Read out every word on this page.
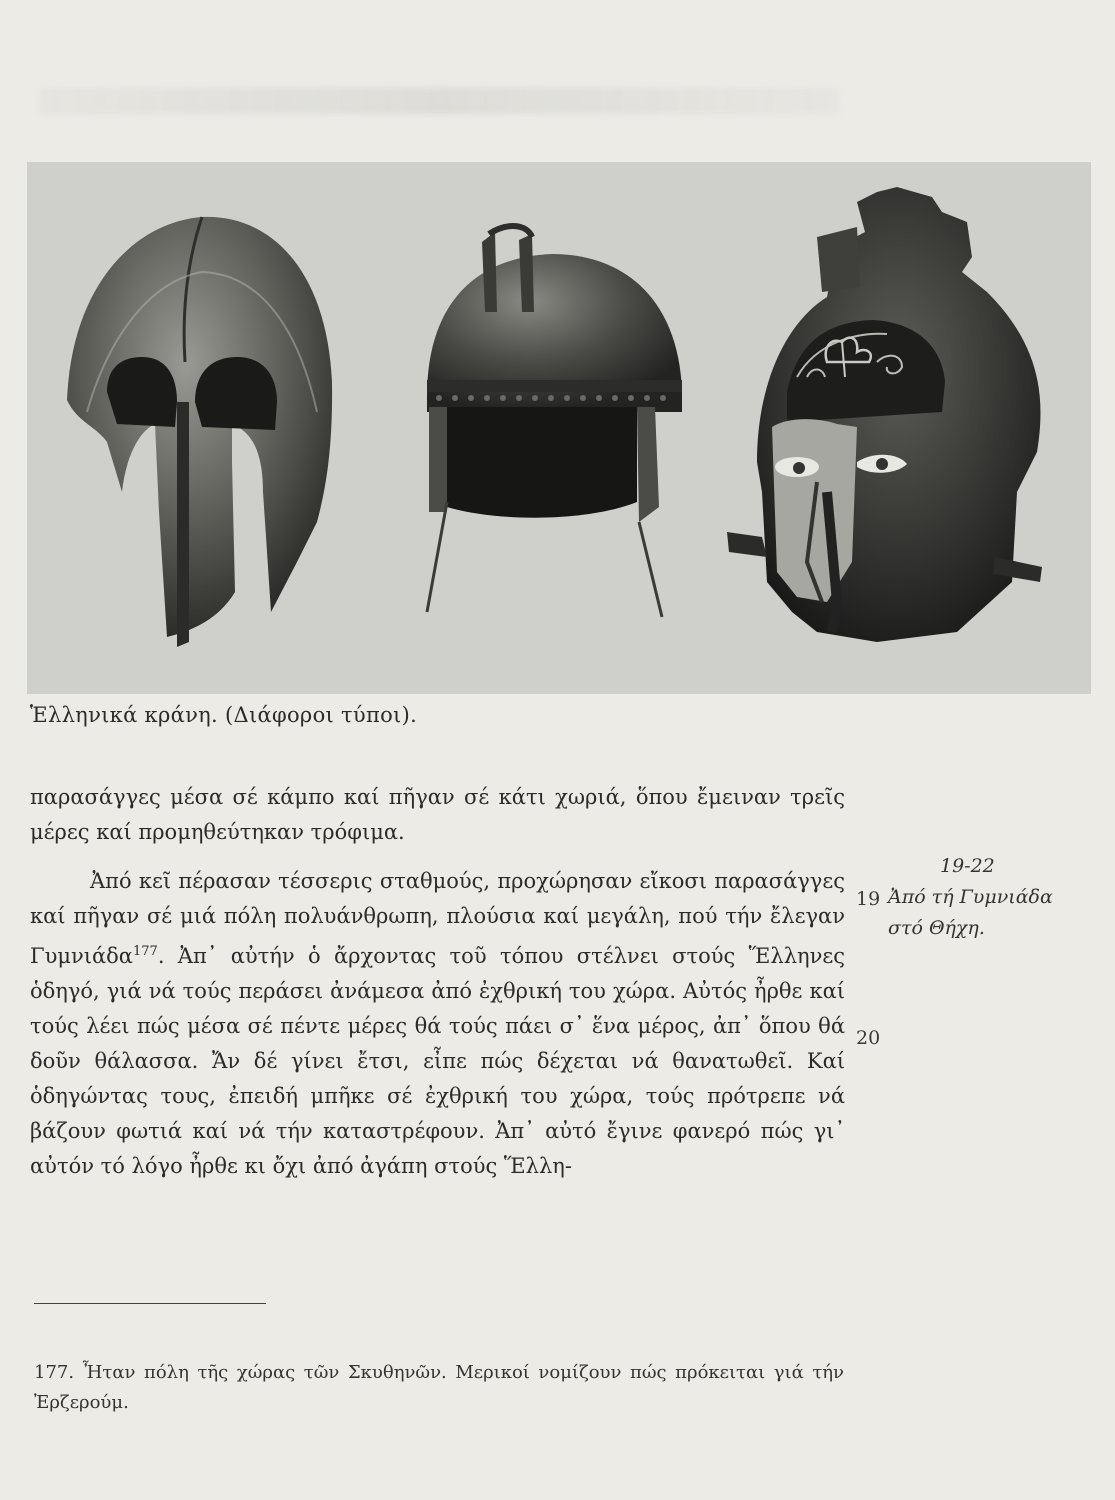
Ἑλληνικά κράνη. (Διάφοροι τύποι).

παρασάγγες μέσα σέ κάμπο καί πῆγαν σέ κάτι χωριά, ὅπου ἔμειναν τρεῖς μέρες καί προμηθεύτηκαν τρόφιμα.

Ἀπό κεῖ πέρασαν τέσσερις σταθμούς, προχώρησαν εἴκοσι παρασάγγες καί πῆγαν σέ μιά πόλη πολυάνθρωπη, πλούσια καί μεγάλη, πού τήν ἔλεγαν Γυμνιάδα$^{177}$. Ἀπ᾽ αὐτήν ὁ ἄρχοντας τοῦ τόπου στέλνει στούς Ἕλληνες ὁδηγό, γιά νά τούς περάσει ἀνάμεσα ἀπό ἐχθρική του χώρα. Αὐτός ἦρθε καί τούς λέει πώς μέσα σέ πέντε μέρες θά τούς πάει σ᾽ ἕνα μέρος, ἀπ᾽ ὅπου θά δοῦν θάλασσα. Ἄν δέ γίνει ἔτσι, εἶπε πώς δέχεται νά θανατωθεῖ. Καί ὁδηγώντας τους, ἐπειδή μπῆκε σέ ἐχθρική του χώρα, τούς πρότρεπε νά βάζουν φωτιά καί νά τήν καταστρέφουν. Ἀπ᾽ αὐτό ἔγινε φανερό πώς γι᾽ αὐτόν τό λόγο ἦρθε κι ὄχι ἀπό ἀγάπη στούς Ἕλλη-

19
20
19-22
Ἀπό τή Γυμνιάδα στό Θήχη.
177. Ἦταν πόλη τῆς χώρας τῶν Σκυθηνῶν. Μερικοί νομίζουν πώς πρόκειται γιά τήν Ἐρζερούμ.
